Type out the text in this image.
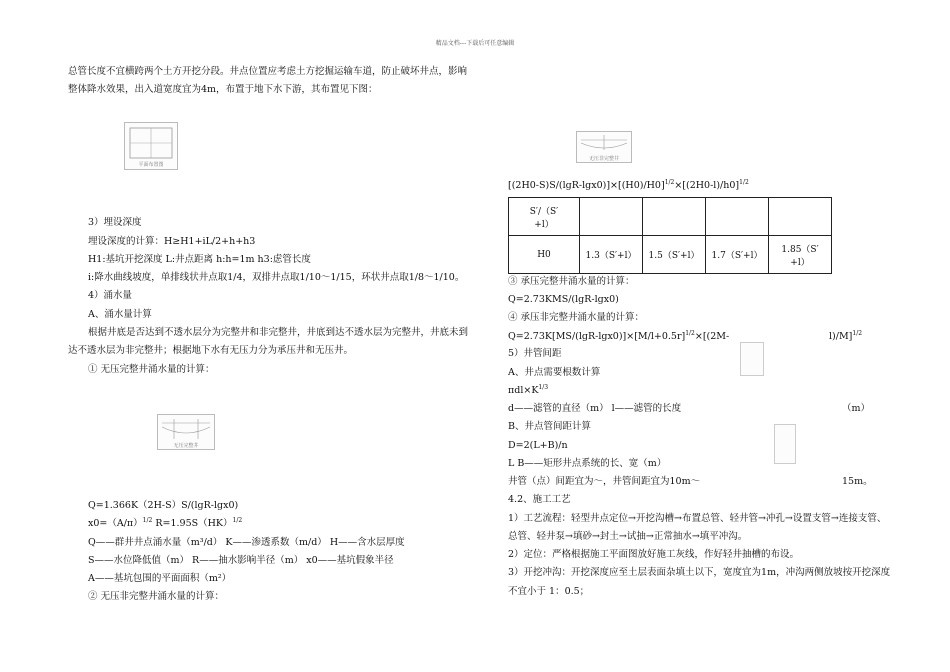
精品文档---下载后可任意编辑
总管长度不宜横跨两个土方开挖分段。井点位置应考虑土方挖掘运输车道，防止破坏井点，影响
整体降水效果，出入道宽度宜为4m，布置于地下水下游，其布置见下图：
平面布置图
3）埋设深度
埋设深度的计算：H≥H1+iL/2+h+h3
H1:基坑开挖深度 L:井点距离 h:h=1m h3:虑管长度
i:降水曲线坡度，单排线状井点取1/4，双排井点取1/10～1/15，环状井点取1/8～1/10。
4）涌水量
A、涌水量计算
根据井底是否达到不透水层分为完整井和非完整井，井底到达不透水层为完整井，井底未到
达不透水层为非完整井；根据地下水有无压力分为承压井和无压井。
① 无压完整井涌水量的计算：
无压完整井
Q=1.366K（2H-S）S/(lgR-lgx0)
$x0=(A/\pi)^{1/2}$ R=1.95S（HK）$^{1/2}$
Q——群井井点涌水量（m³/d） K——渗透系数（m/d） H——含水层厚度
S——水位降低值（m） R——抽水影响半径（m） x0——基坑假象半径
A——基坑包围的平面面积（m²）
② 无压非完整井涌水量的计算：
无压非完整井
$[(2H0-S)S/(\lg R-\lg x0)]\times[(H0)/H0]^{1/2}\times[(2H0-l)/h0]^{1/2}$
S′/（S′
+l）				

H0	1.3（S′+l）	1.5（S′+l）	1.7（S′+l）	1.85（S′
+l）
③ 承压完整井涌水量的计算：
Q=2.73KMS/(lgR-lgx0)
④ 承压非完整井涌水量的计算：
$Q=2.73K[MS/(\lg R-\lg x0)]\times[M/l+0.5r]^{1/2}\times[(2M-$	l)/M]$^{1/2}$
5）井管间距
A、井点需要根数计算
$\pi dl\times K^{1/3}$
d——滤管的直径（m） l——滤管的长度	（m）
B、井点管间距计算
D=2(L+B)/n
L B——矩形井点系统的长、宽（m）
井管（点）间距宜为～，井管间距宜为10m～	15m。
4.2、施工工艺
1）工艺流程：轻型井点定位→开挖沟槽→布置总管、轻井管→冲孔→设置支管→连接支管、
总管、轻井泵→填砂→封土→试抽→正常抽水→填平冲沟。
2）定位：严格根据施工平面图放好施工灰线，作好轻井抽槽的布设。
3）开挖冲沟：开挖深度应至土层表面杂填土以下，宽度宜为1m，冲沟两侧放坡按开挖深度
不宜小于 1：0.5；
